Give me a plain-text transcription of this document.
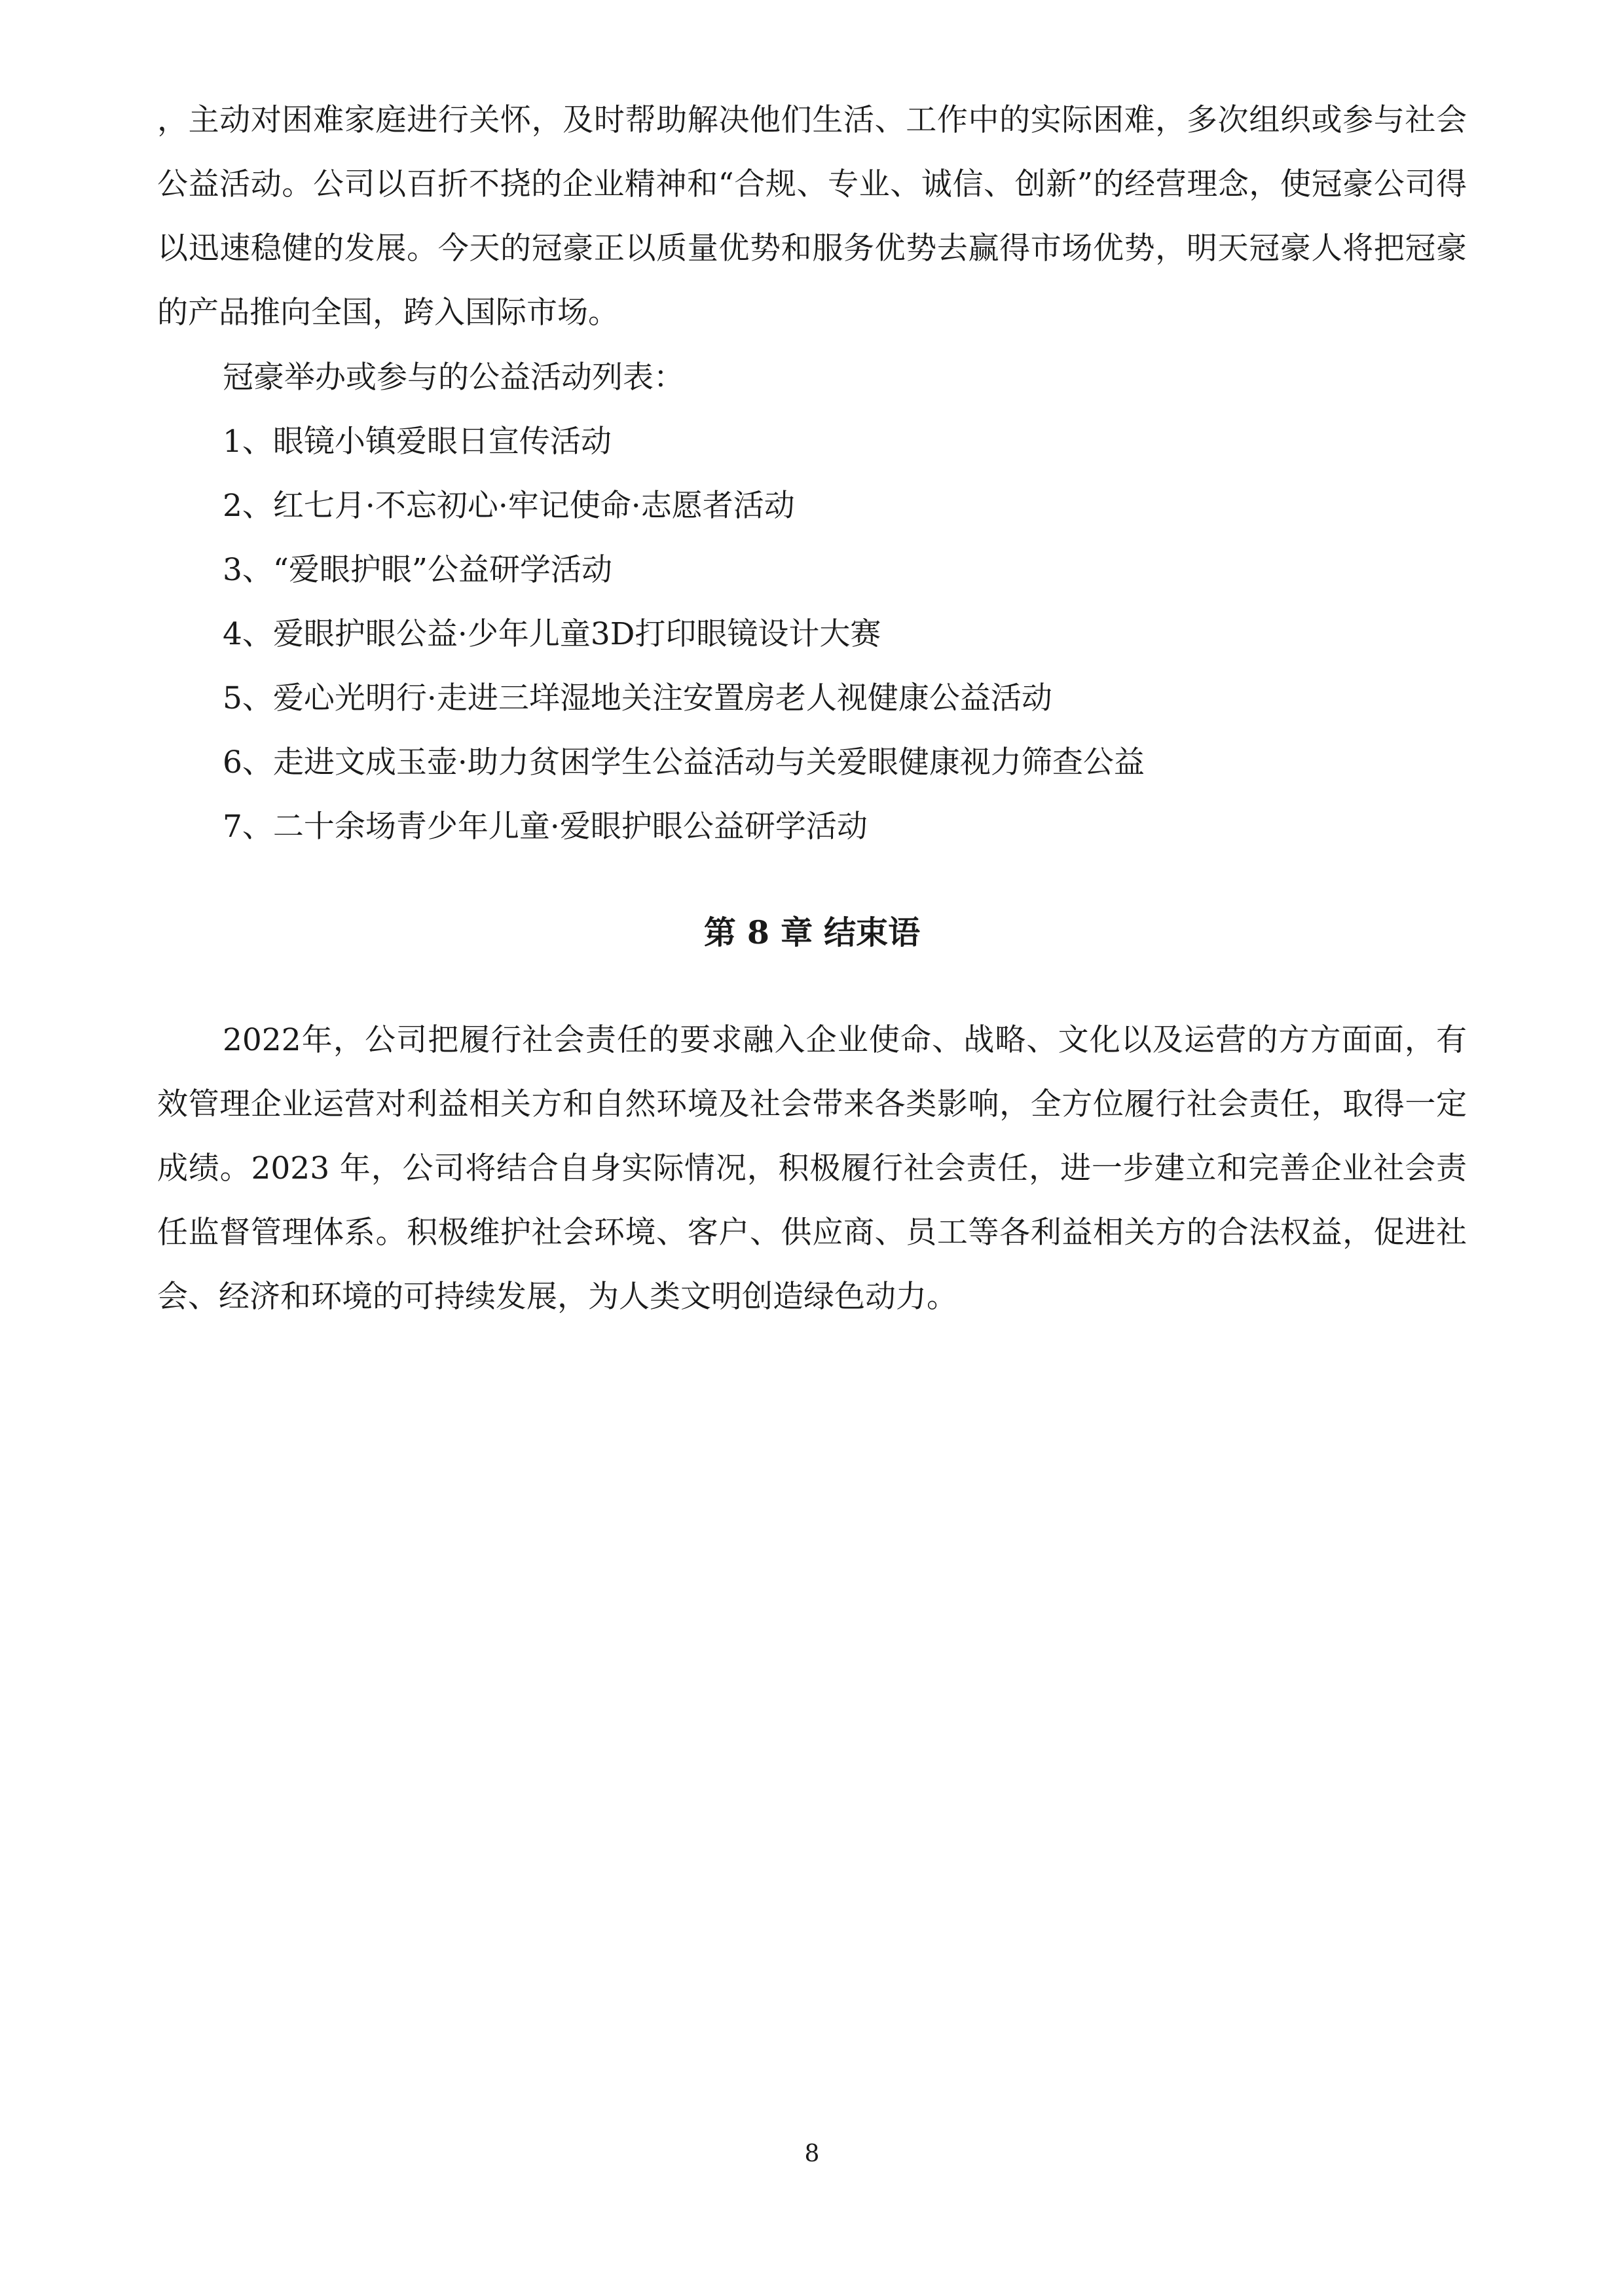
，主动对困难家庭进行关怀，及时帮助解决他们生活、工作中的实际困难，多次组织或参与社会公益活动。公司以百折不挠的企业精神和“合规、专业、诚信、创新”的经营理念，使冠豪公司得以迅速稳健的发展。今天的冠豪正以质量优势和服务优势去赢得市场优势，明天冠豪人将把冠豪的产品推向全国，跨入国际市场。

冠豪举办或参与的公益活动列表：

1、眼镜小镇爱眼日宣传活动
2、红七月·不忘初心·牢记使命·志愿者活动
3、“爱眼护眼”公益研学活动
4、爱眼护眼公益·少年儿童3D打印眼镜设计大赛
5、爱心光明行·走进三垟湿地关注安置房老人视健康公益活动
6、走进文成玉壶·助力贫困学生公益活动与关爱眼健康视力筛查公益
7、二十余场青少年儿童·爱眼护眼公益研学活动
第 8 章 结束语

2022年，公司把履行社会责任的要求融入企业使命、战略、文化以及运营的方方面面，有效管理企业运营对利益相关方和自然环境及社会带来各类影响，全方位履行社会责任，取得一定成绩。2023 年，公司将结合自身实际情况，积极履行社会责任，进一步建立和完善企业社会责任监督管理体系。积极维护社会环境、客户、供应商、员工等各利益相关方的合法权益，促进社会、经济和环境的可持续发展，为人类文明创造绿色动力。

8
